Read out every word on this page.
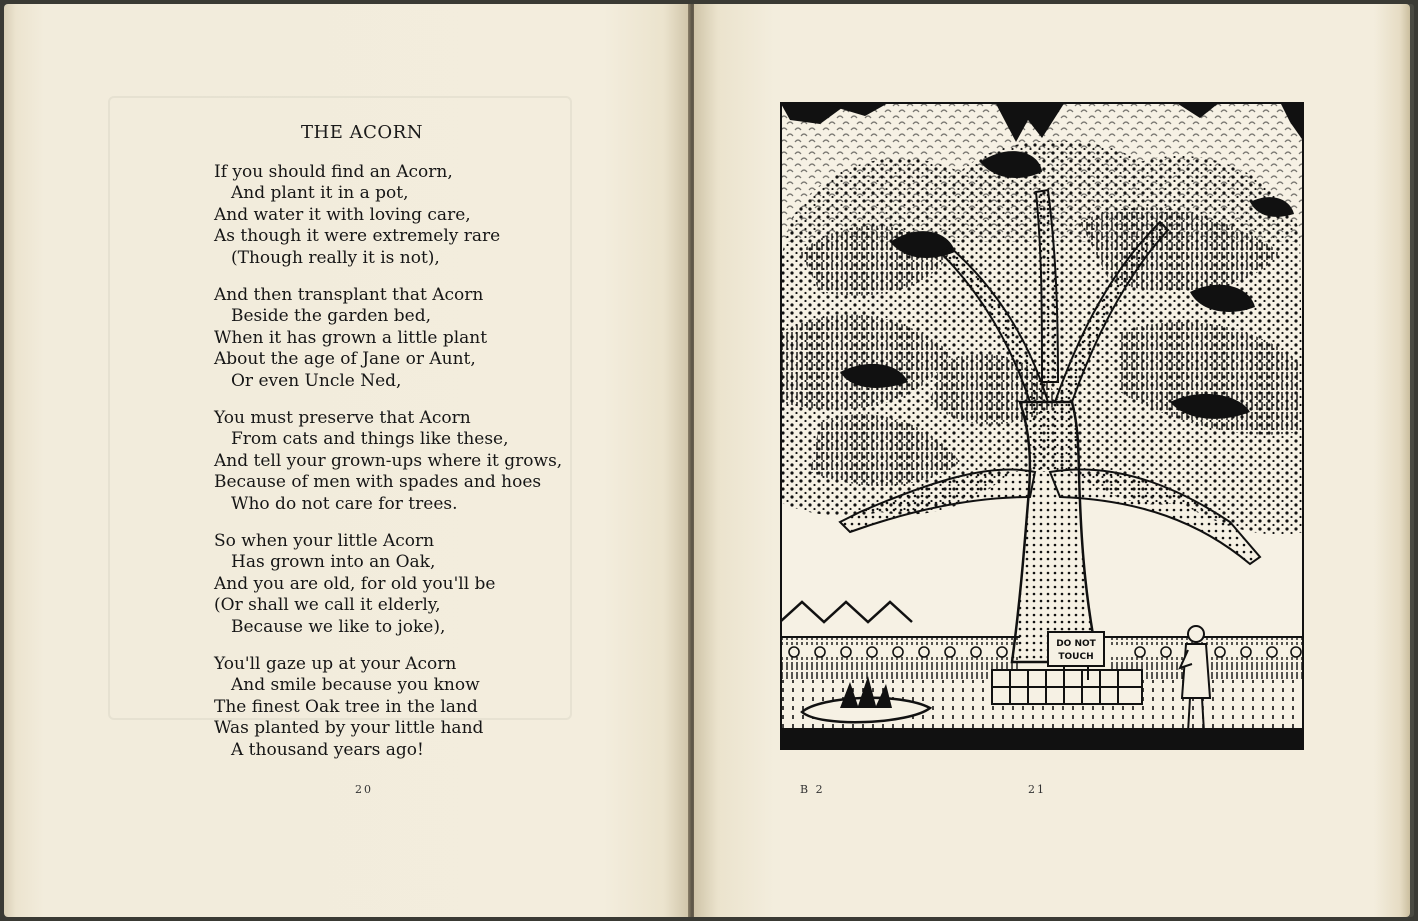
THE ACORN

If you should find an Acorn,
And plant it in a pot,
And water it with loving care,
As though it were extremely rare
(Though really it is not),

And then transplant that Acorn
Beside the garden bed,
When it has grown a little plant
About the age of Jane or Aunt,
Or even Uncle Ned,

You must preserve that Acorn
From cats and things like these,
And tell your grown-ups where it grows,
Because of men with spades and hoes
Who do not care for trees.

So when your little Acorn
Has grown into an Oak,
And you are old, for old you'll be
(Or shall we call it elderly,
Because we like to joke),

You'll gaze up at your Acorn
And smile because you know
The finest Oak tree in the land
Was planted by your little hand
A thousand years ago!

20
DO NOT
TOUCH
B 2	21
